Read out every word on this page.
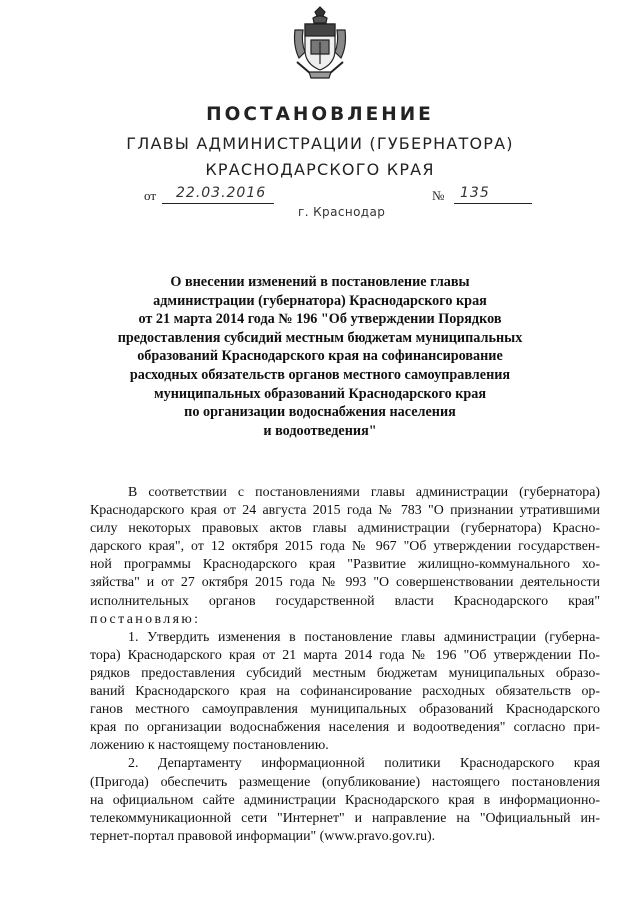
ПОСТАНОВЛЕНИЕ
ГЛАВЫ АДМИНИСТРАЦИИ (ГУБЕРНАТОРА)
КРАСНОДАРСКОГО КРАЯ
от 22.03.2016	№ 135
г. Краснодар
О внесении изменений в постановление главы
администрации (губернатора) Краснодарского края
от 21 марта 2014 года № 196 "Об утверждении Порядков
предоставления субсидий местным бюджетам муниципальных
образований Краснодарского края на софинансирование
расходных обязательств органов местного самоуправления
муниципальных образований Краснодарского края
по организации водоснабжения населения
и водоотведения"
В соответствии с постановлениями главы администрации (губернатора)
Краснодарского края от 24 августа 2015 года № 783 "О признании утратившими
силу некоторых правовых актов главы администрации (губернатора) Красно-
дарского края", от 12 октября 2015 года № 967 "Об утверждении государствен-
ной программы Краснодарского края "Развитие жилищно-коммунального хо-
зяйства" и от 27 октября 2015 года № 993 "О совершенствовании деятельности
исполнительных органов государственной власти Краснодарского края"
постановляю:
1. Утвердить изменения в постановление главы администрации (губерна-
тора) Краснодарского края от 21 марта 2014 года № 196 "Об утверждении По-
рядков предоставления субсидий местным бюджетам муниципальных образо-
ваний Краснодарского края на софинансирование расходных обязательств ор-
ганов местного самоуправления муниципальных образований Краснодарского
края по организации водоснабжения населения и водоотведения" согласно при-
ложению к настоящему постановлению.
2. Департаменту информационной политики Краснодарского края
(Пригода) обеспечить размещение (опубликование) настоящего постановления
на официальном сайте администрации Краснодарского края в информационно-
телекоммуникационной сети "Интернет" и направление на "Официальный ин-
тернет-портал правовой информации" (www.pravo.gov.ru).
